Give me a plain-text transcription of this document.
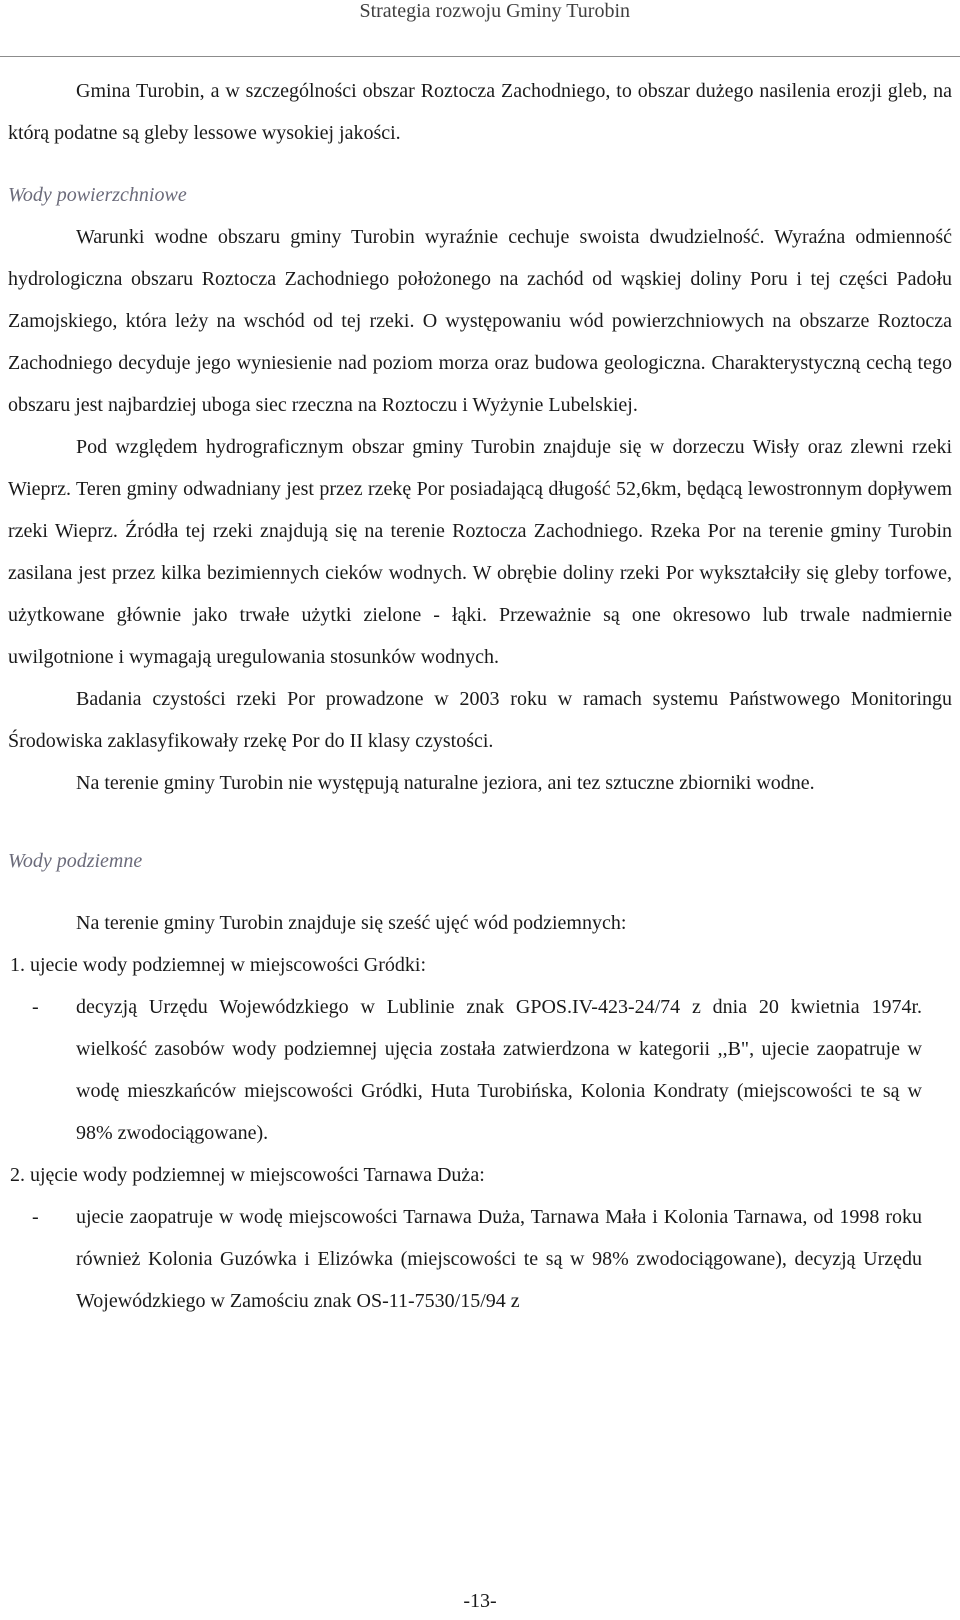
Strategia rozwoju Gminy Turobin

Gmina Turobin, a w szczególności obszar Roztocza Zachodniego, to obszar dużego nasilenia erozji gleb, na którą podatne są gleby lessowe wysokiej jakości.

Wody powierzchniowe

Warunki wodne obszaru gminy Turobin wyraźnie cechuje swoista dwudzielność. Wyraźna odmienność hydrologiczna obszaru Roztocza Zachodniego położonego na zachód od wąskiej doliny Poru i tej części Padołu Zamojskiego, która leży na wschód od tej rzeki. O występowaniu wód powierzchniowych na obszarze Roztocza Zachodniego decyduje jego wyniesienie nad poziom morza oraz budowa geologiczna. Charakterystyczną cechą tego obszaru jest najbardziej uboga siec rzeczna na Roztoczu i Wyżynie Lubelskiej.

Pod względem hydrograficznym obszar gminy Turobin znajduje się w dorzeczu Wisły oraz zlewni rzeki Wieprz. Teren gminy odwadniany jest przez rzekę Por posiadającą długość 52,6km, będącą lewostronnym dopływem rzeki Wieprz. Źródła tej rzeki znajdują się na terenie Roztocza Zachodniego. Rzeka Por na terenie gminy Turobin zasilana jest przez kilka bezimiennych cieków wodnych. W obrębie doliny rzeki Por wykształciły się gleby torfowe, użytkowane głównie jako trwałe użytki zielone - łąki. Przeważnie są one okresowo lub trwale nadmiernie uwilgotnione i wymagają uregulowania stosunków wodnych.

Badania czystości rzeki Por prowadzone w 2003 roku w ramach systemu Państwowego Monitoringu Środowiska zaklasyfikowały rzekę Por do II klasy czystości.

Na terenie gminy Turobin nie występują naturalne jeziora, ani tez sztuczne zbiorniki wodne.

Wody podziemne

Na terenie gminy Turobin znajduje się sześć ujęć wód podziemnych:

1. ujecie wody podziemnej w miejscowości Gródki:

-	decyzją Urzędu Wojewódzkiego w Lublinie znak GPOS.IV-423-24/74 z dnia 20 kwietnia 1974r. wielkość zasobów wody podziemnej ujęcia została zatwierdzona w kategorii ,,B", ujecie zaopatruje w wodę mieszkańców miejscowości Gródki, Huta Turobińska, Kolonia Kondraty (miejscowości te są w 98% zwodociągowane).

2. ujęcie wody podziemnej w miejscowości Tarnawa Duża:

-	ujecie zaopatruje w wodę miejscowości Tarnawa Duża, Tarnawa Mała i Kolonia Tarnawa, od 1998 roku również Kolonia Guzówka i Elizówka (miejscowości te są w 98% zwodociągowane), decyzją Urzędu Wojewódzkiego w Zamościu znak OS-11-7530/15/94 z
-13-
